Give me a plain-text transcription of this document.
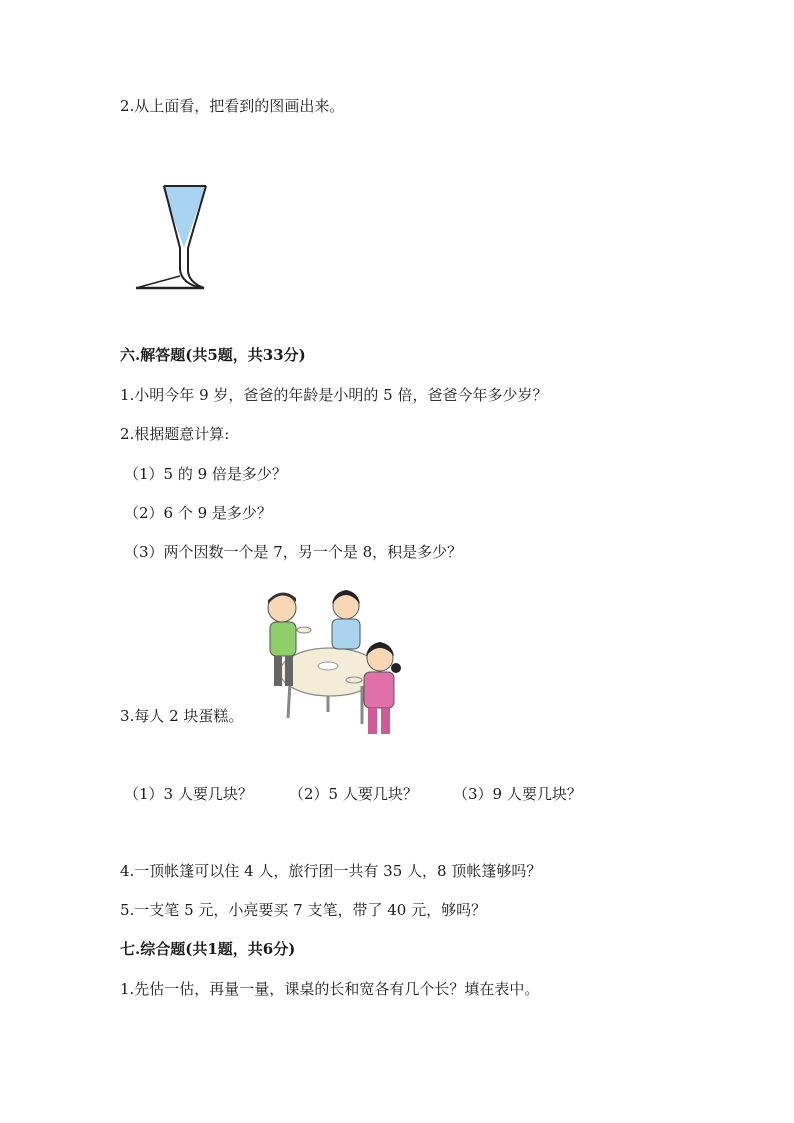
2.从上面看，把看到的图画出来。
六.解答题(共5题，共33分)
1.小明今年 9 岁，爸爸的年龄是小明的 5 倍，爸爸今年多少岁？
2.根据题意计算:
（1）5 的 9 倍是多少？
（2）6 个 9 是多少？
（3）两个因数一个是 7，另一个是 8，积是多少？
3.每人 2 块蛋糕。
（1）3 人要几块？ （2）5 人要几块？ （3）9 人要几块？
4.一顶帐篷可以住 4 人，旅行团一共有 35 人，8 顶帐篷够吗？
5.一支笔 5 元，小亮要买 7 支笔，带了 40 元，够吗？
七.综合题(共1题，共6分)
1.先估一估，再量一量，课桌的长和宽各有几个长？填在表中。
